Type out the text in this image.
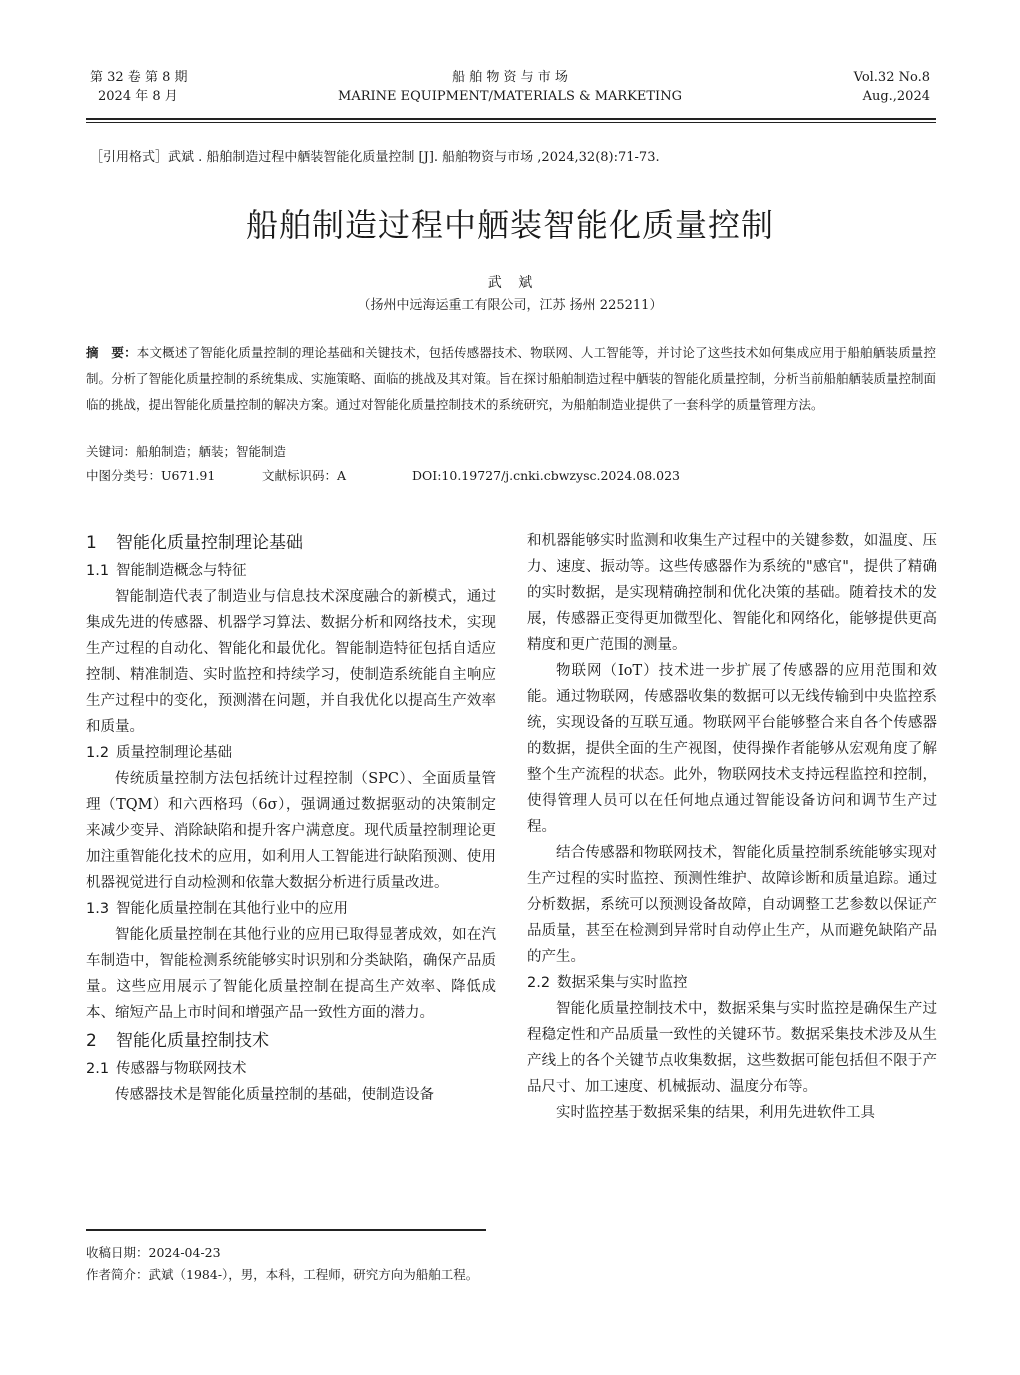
第 32 卷 第 8 期
2024 年 8 月
船 舶 物 资 与 市 场
MARINE EQUIPMENT/MATERIALS & MARKETING
Vol.32 No.8
Aug.,2024
［引用格式］武斌 . 船舶制造过程中舾装智能化质量控制 [J]. 船舶物资与市场 ,2024,32(8):71-73.
船舶制造过程中舾装智能化质量控制
武 斌
（扬州中远海运重工有限公司，江苏 扬州 225211）
摘　要：本文概述了智能化质量控制的理论基础和关键技术，包括传感器技术、物联网、人工智能等，并讨论了这些技术如何集成应用于船舶舾装质量控制。分析了智能化质量控制的系统集成、实施策略、面临的挑战及其对策。旨在探讨船舶制造过程中舾装的智能化质量控制，分析当前船舶舾装质量控制面临的挑战，提出智能化质量控制的解决方案。通过对智能化质量控制技术的系统研究，为船舶制造业提供了一套科学的质量管理方法。
关键词：船舶制造；舾装；智能制造
中图分类号：U671.91	文献标识码：A	DOI:10.19727/j.cnki.cbwzysc.2024.08.023
1 智能化质量控制理论基础
1.1 智能制造概念与特征

智能制造代表了制造业与信息技术深度融合的新模式，通过集成先进的传感器、机器学习算法、数据分析和网络技术，实现生产过程的自动化、智能化和最优化。智能制造特征包括自适应控制、精准制造、实时监控和持续学习，使制造系统能自主响应生产过程中的变化，预测潜在问题，并自我优化以提高生产效率和质量。

1.2 质量控制理论基础

传统质量控制方法包括统计过程控制（SPC）、全面质量管理（TQM）和六西格玛（6σ），强调通过数据驱动的决策制定来减少变异、消除缺陷和提升客户满意度。现代质量控制理论更加注重智能化技术的应用，如利用人工智能进行缺陷预测、使用机器视觉进行自动检测和依靠大数据分析进行质量改进。

1.3 智能化质量控制在其他行业中的应用

智能化质量控制在其他行业的应用已取得显著成效，如在汽车制造中，智能检测系统能够实时识别和分类缺陷，确保产品质量。这些应用展示了智能化质量控制在提高生产效率、降低成本、缩短产品上市时间和增强产品一致性方面的潜力。

2 智能化质量控制技术
2.1 传感器与物联网技术

传感器技术是智能化质量控制的基础，使制造设备

和机器能够实时监测和收集生产过程中的关键参数，如温度、压力、速度、振动等。这些传感器作为系统的"感官"，提供了精确的实时数据，是实现精确控制和优化决策的基础。随着技术的发展，传感器正变得更加微型化、智能化和网络化，能够提供更高精度和更广范围的测量。

物联网（IoT）技术进一步扩展了传感器的应用范围和效能。通过物联网，传感器收集的数据可以无线传输到中央监控系统，实现设备的互联互通。物联网平台能够整合来自各个传感器的数据，提供全面的生产视图，使得操作者能够从宏观角度了解整个生产流程的状态。此外，物联网技术支持远程监控和控制，使得管理人员可以在任何地点通过智能设备访问和调节生产过程。

结合传感器和物联网技术，智能化质量控制系统能够实现对生产过程的实时监控、预测性维护、故障诊断和质量追踪。通过分析数据，系统可以预测设备故障，自动调整工艺参数以保证产品质量，甚至在检测到异常时自动停止生产，从而避免缺陷产品的产生。

2.2 数据采集与实时监控

智能化质量控制技术中，数据采集与实时监控是确保生产过程稳定性和产品质量一致性的关键环节。数据采集技术涉及从生产线上的各个关键节点收集数据，这些数据可能包括但不限于产品尺寸、加工速度、机械振动、温度分布等。

实时监控基于数据采集的结果，利用先进软件工具

收稿日期：2024-04-23
作者简介：武斌（1984-），男，本科，工程师，研究方向为船舶工程。
